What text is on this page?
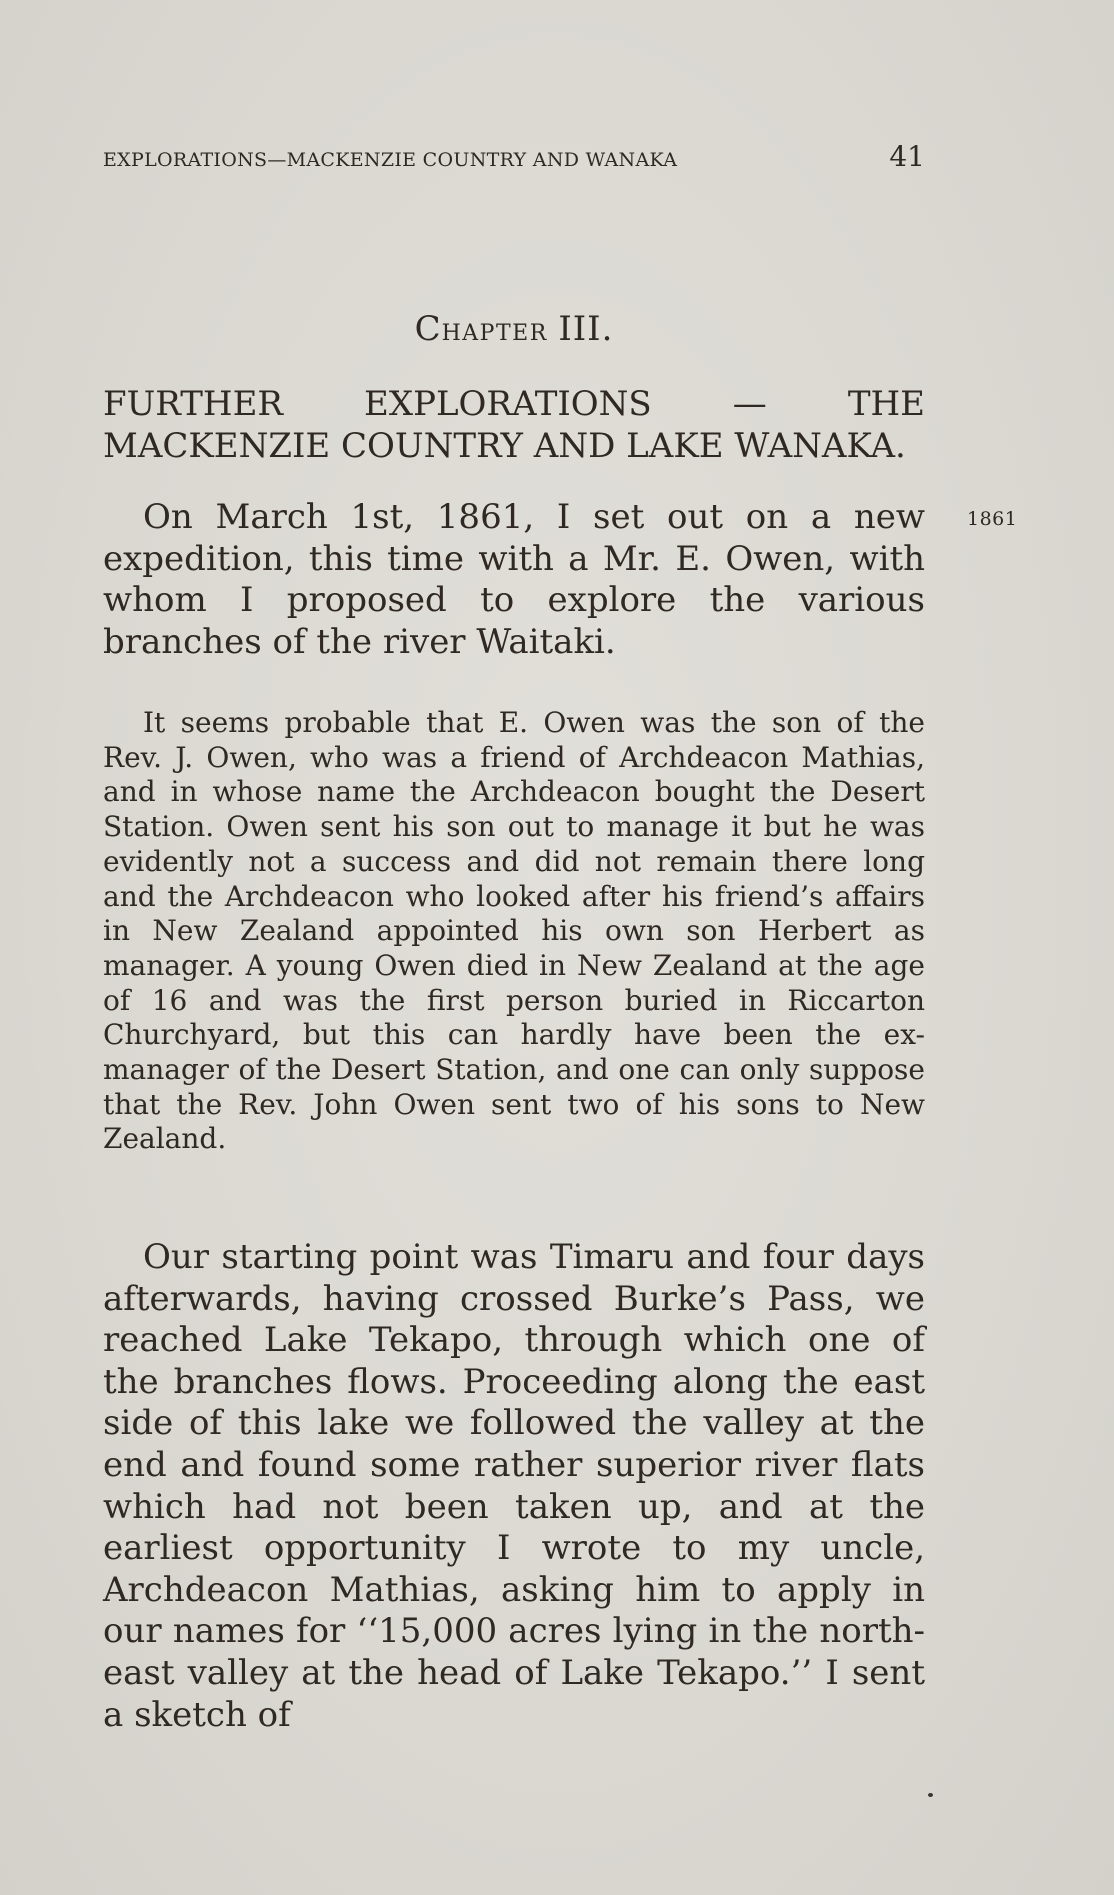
EXPLORATIONS—MACKENZIE COUNTRY AND WANAKA	41
CHAPTER III.
FURTHER EXPLORATIONS — THE MACKENZIE COUNTRY AND LAKE WANAKA.
1861

On March 1st, 1861, I set out on a new expedition, this time with a Mr. E. Owen, with whom I proposed to explore the various branches of the river Waitaki.

It seems probable that E. Owen was the son of the Rev. J. Owen, who was a friend of Archdeacon Mathias, and in whose name the Archdeacon bought the Desert Station. Owen sent his son out to manage it but he was evidently not a success and did not remain there long and the Archdeacon who looked after his friend’s affairs in New Zealand appointed his own son Herbert as manager. A young Owen died in New Zealand at the age of 16 and was the first person buried in Riccarton Churchyard, but this can hardly have been the ex-manager of the Desert Station, and one can only suppose that the Rev. John Owen sent two of his sons to New Zealand.

Our starting point was Timaru and four days afterwards, having crossed Burke’s Pass, we reached Lake Tekapo, through which one of the branches flows. Proceeding along the east side of this lake we followed the valley at the end and found some rather superior river flats which had not been taken up, and at the earliest opportunity I wrote to my uncle, Archdeacon Mathias, asking him to apply in our names for ‘‘15,000 acres lying in the north-east valley at the head of Lake Tekapo.’’ I sent a sketch of
